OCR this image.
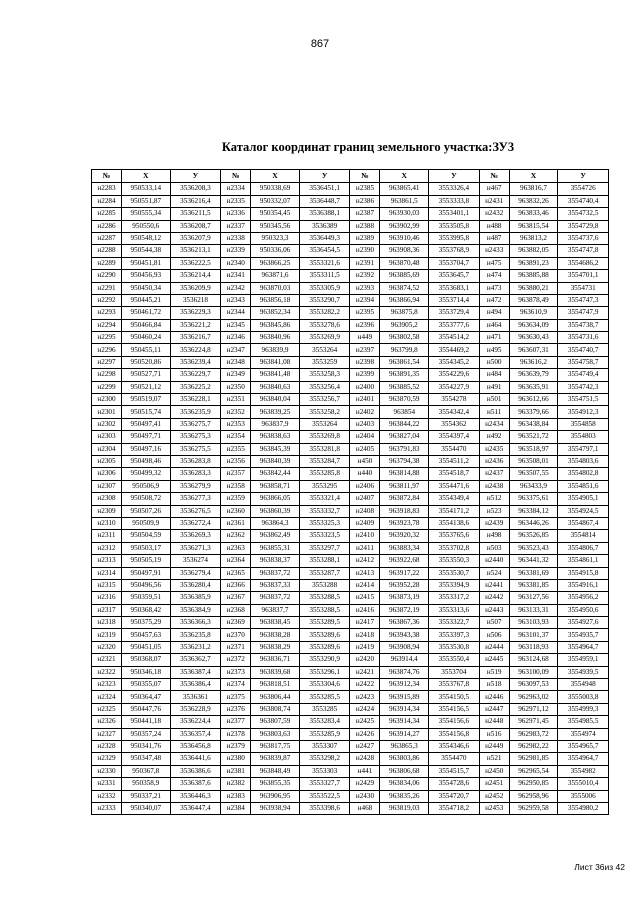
867
Каталог координат границ земельного участка:ЗУ3
№	X	У	№	X	У	№	X	У	№	X	У
н2283	950533,14	3536208,3	н2334	950338,69	3536451,1	н2385	963865,41	3553326,4	н467	963816,7	3554726
н2284	950551,87	3536216,4	н2335	950332,07	3536448,7	н2386	963861,5	3553333,8	н2431	963832,26	3554740,4
н2285	950555,34	3536211,5	н2336	950354,45	3536388,1	н2387	963930,03	3553401,1	н2432	963833,46	3554732,5
н2286	950550,6	3536208,7	н2337	950345,56	3536389	н2388	963902,99	3553505,8	н488	963815,54	3554729,8
н2287	950548,12	3536207,9	н2338	950323,3	3536449,3	н2389	963910,46	3553995,8	н487	963813,2	3554737,6
н2288	950544,38	3536213,1	н2339	950336,06	3536454,5	н2390	963908,36	3553768,9	н2433	963882,05	3554747,8
н2289	950451,81	3536222,5	н2340	963866,25	3553321,6	н2391	963870,48	3553704,7	н475	963891,23	3554686,2
н2290	950456,93	3536214,4	н2341	963871,6	3553311,5	н2392	963885,69	3553645,7	н474	963885,88	3554701,1
н2291	950450,34	3536209,9	н2342	963870,03	3553305,9	н2393	963874,52	3553683,1	н473	963880,21	3554731
н2292	950445,21	3536218	н2343	963856,18	3553290,7	н2394	963866,94	3553714,4	н472	963878,49	3554747,3
н2293	950461,72	3536229,3	н2344	963852,34	3553282,2	н2395	963875,8	3553729,4	н494	963610,9	3554747,9
н2294	950466,84	3536221,2	н2345	963845,86	3553278,6	н2396	963905,2	3553777,6	н464	963634,09	3554738,7
н2295	950460,24	3536216,7	н2346	963840,96	3553269,9	н449	963802,58	3554514,2	н471	963630,43	3554731,6
н2296	950455,11	3536224,8	н2347	963839,9	3553264	н2397	963799,8	3554469,2	н495	963607,31	3554740,7
н2297	950520,86	3536239,4	н2348	963841,08	3553259	н2398	963861,54	3554345,2	н500	963616,2	3554758,7
н2298	950527,71	3536229,7	н2349	963841,48	3553258,3	н2399	963891,35	3554229,6	н484	963639,79	3554749,4
н2299	950521,12	3536225,2	н2350	963840,63	3553256,4	н2400	963885,52	3554227,9	н491	963635,91	3554742,3
н2300	950519,07	3536228,1	н2351	963840,04	3553256,7	н2401	963870,59	3554278	н501	963612,66	3554751,5
н2301	950515,74	3536235,9	н2352	963839,25	3553258,2	н2402	963854	3554342,4	н511	963379,66	3554912,3
н2302	950497,41	3536275,7	н2353	963837,9	3553264	н2403	963844,22	3554362	н2434	963438,84	3554858
н2303	950497,71	3536275,3	н2354	963838,63	3553269,8	н2404	963827,04	3554397,4	н492	963521,72	3554803
н2304	950497,16	3536275,5	н2355	963845,39	3553281,8	н2405	963791,83	3554470	н2435	963518,97	3554797,1
н2305	950498,46	3536283,8	н2356	963840,39	3553284,7	н450	963794,38	3554511,2	н2436	963508,01	3554803,6
н2306	950499,32	3536283,3	н2357	963842,44	3553285,8	н440	963814,88	3554518,7	н2437	963507,55	3554802,8
н2307	950506,9	3536279,9	н2358	963858,71	3553295	н2406	963811,97	3554471,6	н2438	963433,9	3554851,6
н2308	950508,72	3536277,3	н2359	963866,05	3553321,4	н2407	963872,84	3554349,4	н512	963375,61	3554905,1
н2309	950507,26	3536276,5	н2360	963860,39	3553332,7	н2408	963918,83	3554171,2	н523	963384,12	3554924,5
н2310	950509,9	3536272,4	н2361	963864,3	3553325,3	н2409	963923,78	3554138,6	н2439	963446,26	3554867,4
н2311	950504,59	3536269,3	н2362	963862,49	3553323,5	н2410	963920,32	3553765,6	н498	963526,85	3554814
н2312	950503,17	3536271,3	н2363	963855,31	3553297,7	н2411	963883,34	3553702,8	н503	963523,43	3554806,7
н2313	950505,19	3536274	н2364	963838,37	3553288,1	н2412	963922,68	3553550,3	н2440	963441,32	3554861,1
н2314	950497,91	3536279,4	н2365	963837,72	3553287,7	н2413	963917,22	3553530,7	н524	963381,69	3554915,8
н2315	950496,56	3536280,4	н2366	963837,33	3553288	н2414	963952,28	3553394,9	н2441	963381,85	3554916,1
н2316	950359,51	3536385,9	н2367	963837,72	3553288,5	н2415	963873,19	3553317,2	н2442	963127,56	3554956,2
н2317	950368,42	3536384,9	н2368	963837,7	3553288,5	н2416	963872,19	3553313,6	н2443	963133,31	3554950,6
н2318	950375,29	3536366,3	н2369	963838,45	3553289,5	н2417	963867,36	3553322,7	н507	963103,93	3554927,6
н2319	950457,63	3536235,8	н2370	963838,28	3553289,6	н2418	963943,38	3553397,3	н506	963101,37	3554935,7
н2320	950451,05	3536231,2	н2371	963838,29	3553289,6	н2419	963908,94	3553530,8	н2444	963118,93	3554964,7
н2321	950368,07	3536362,7	н2372	963836,71	3553290,9	н2420	963914,4	3553550,4	н2445	963124,68	3554959,1
н2322	950346,18	3536387,4	н2373	963839,68	3553296,1	н2421	963874,76	3553704	н519	963100,09	3554939,5
н2323	950355,07	3536386,4	н2374	963818,51	3553304,6	н2422	963912,34	3553767,8	н518	963097,53	3554948
н2324	950364,47	3536361	н2375	963806,44	3553285,5	н2423	963915,89	3554150,5	н2446	962963,02	3555003,8
н2325	950447,76	3536228,9	н2376	963808,74	3553285	н2424	963914,34	3554156,5	н2447	962971,12	3554999,3
н2326	950441,18	3536224,4	н2377	963807,59	3553283,4	н2425	963914,34	3554156,6	н2448	962971,45	3554985,5
н2327	950357,24	3536357,4	н2378	963803,63	3553285,9	н2426	963914,27	3554156,8	н516	962983,72	3554974
н2328	950341,76	3536456,8	н2379	963817,75	3553307	н2427	963865,3	3554346,6	н2449	962982,22	3554965,7
н2329	950347,48	3536441,6	н2380	963839,87	3553298,2	н2428	963803,86	3554470	н521	962981,85	3554964,7
н2330	950367,8	3536386,6	н2381	963848,49	3553303	н441	963806,68	3554515,7	н2450	962965,54	3554982
н2331	950358,9	3536387,6	н2382	963855,35	3553327,7	н2429	963834,06	3554728,6	н2451	962950,85	3555010,4
н2332	950337,21	3536446,3	н2383	963906,95	3553522,5	н2430	963835,26	3554720,7	н2452	962958,96	3555006
н2333	950340,07	3536447,4	н2384	963938,94	3553398,6	н468	963819,03	3554718,2	н2453	962959,58	3554980,2
Лист 36из 42
